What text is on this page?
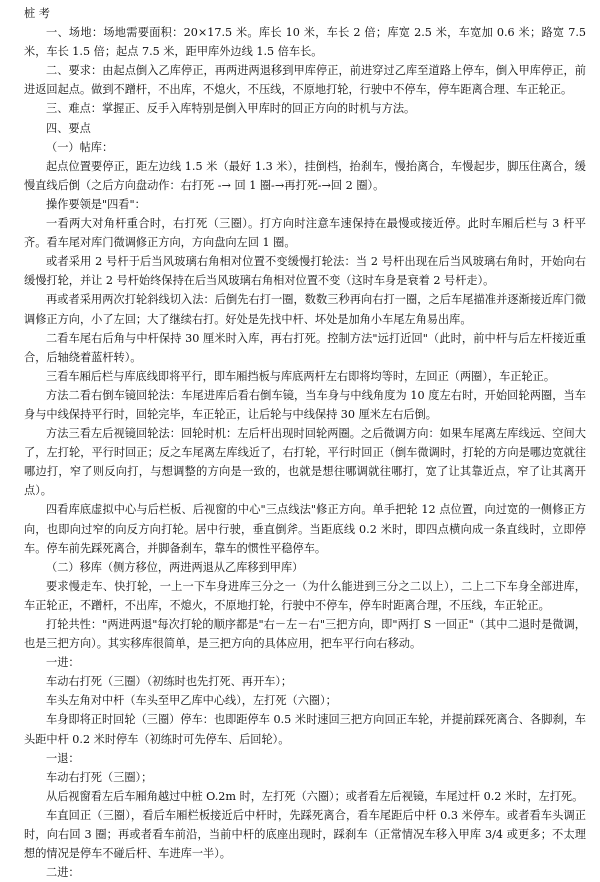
桩 考

一、场地：场地需要面积：20×17.5 米。库长 10 米，车长 2 倍；库宽 2.5 米，车宽加 0.6 米；路宽 7.5 米，车长 1.5 倍；起点 7.5 米，距甲库外边线 1.5 倍车长。

二、要求：由起点倒入乙库停正，再两进两退移到甲库停正，前进穿过乙库至道路上停车，倒入甲库停正，前进返回起点。做到不蹭杆，不出库，不熄火，不压线，不原地打轮，行驶中不停车，停车距离合理、车正轮正。

三、难点：掌握正、反手入库特别是倒入甲库时的回正方向的时机与方法。

四、要点

（一）帖库：

起点位置要停正，距左边线 1.5 米（最好 1.3 米），挂倒档，抬刹车，慢抬离合，车慢起步，脚压住离合，缓慢直线后倒（之后方向盘动作：右打死 -→ 回 1 圈-→再打死-→回 2 圈）。

操作要领是"四看"：

一看两大对角杆重合时，右打死（三圈）。打方向时注意车速保持在最慢或接近停。此时车厢后栏与 3 杆平齐。看车尾对库门微调修正方向，方向盘向左回 1 圈。

或者采用 2 号杆于后当风玻璃右角相对位置不变缓慢打轮法：当 2 号杆出现在后当风玻璃右角时，开始向右缓慢打轮，并让 2 号杆始终保持在后当风玻璃右角相对位置不变（这时车身是衰着 2 号杆走）。

再或者采用两次打轮斜线切入法：后倒先右打一圈，数数三秒再向右打一圈，之后车尾描准并逐渐接近库门微调修正方向，小了左回；大了继续右打。好处是先找中杆、坏处是加角小车尾左角易出库。

二看车尾右后角与中杆保持 30 厘米时入库，再右打死。控制方法"远打近回"（此时，前中杆与后左杆接近重合，后轴绕着蓝杆转）。

三看车厢后栏与库底线即将平行，即车厢挡板与库底两杆左右即将均等时，左回正（两圈），车正轮正。

方法二看右倒车镜回轮法：车尾进库后看右倒车镜，当车身与中线角度为 10 度左右时，开始回轮两圈，当车身与中线保持平行时，回轮完毕，车正轮正，让后轮与中线保持 30 厘米左右后倒。

方法三看左后视镜回轮法：回轮时机：左后杆出现时回轮两圈。之后微调方向：如果车尾离左库线远、空间大了，左打轮，平行时回正；反之车尾离左库线近了，右打轮，平行时回正（倒车微调时，打轮的方向是哪边宽就往哪边打，窄了则反向打，与想调整的方向是一致的，也就是想往哪调就往哪打，宽了让其靠近点，窄了让其离开点）。

四看库底虚拟中心与后栏板、后视窗的中心"三点线法"修正方向。单手把轮 12 点位置，向过宽的一侧修正方向，也即向过窄的向反方向打轮。居中行驶，垂直倒斧。当距底线 0.2 米时，即四点横向成一条直线时，立即停车。停车前先踩死离合，并脚备刹车，靠车的惯性平稳停车。

（二）移库（侧方移位，两进两退从乙库移到甲库）

要求慢走车、快打轮，一上一下车身进库三分之一（为什么能进到三分之二以上），二上二下车身全部进库，车正轮正，不蹭杆，不出库，不熄火，不原地打轮，行驶中不停车，停车时距离合理，不压线，车正轮正。

打轮共性："两进两退"每次打轮的顺序都是"右－左－右"三把方向，即"两打 S 一回正"（其中二退时是微调，也是三把方向）。其实移库很简单，是三把方向的具体应用，把车平行向右移动。

一进：

车动右打死（三圈）（初练时也先打死、再开车）；

车头左角对中杆（车头至甲乙库中心线），左打死（六圈）；

车身即将正时回轮（三圈）停车：也即距停车 0.5 米时速回三把方向回正车轮，并提前踩死离合、各脚刹，车头距中杆 0.2 米时停车（初练时可先停车、后回轮）。

一退：

车动右打死（三圈）；

从后视窗看左后车厢角越过中桩 O.2m 时，左打死（六圈）；或者看左后视镜，车尾过杆 0.2 米时，左打死。

车直回正（三圈），看后车厢栏板接近后中杆时，先踩死离合，看车尾距后中杆 0.3 米停车。或者看车头调正时，向右回 3 圈；再或者看车前沿，当前中杆的底座出现时，踩刹车（正常情况车移入甲库 3/4 或更多；不太理想的情况是停车不碰后杆、车进库一半）。

二进：
